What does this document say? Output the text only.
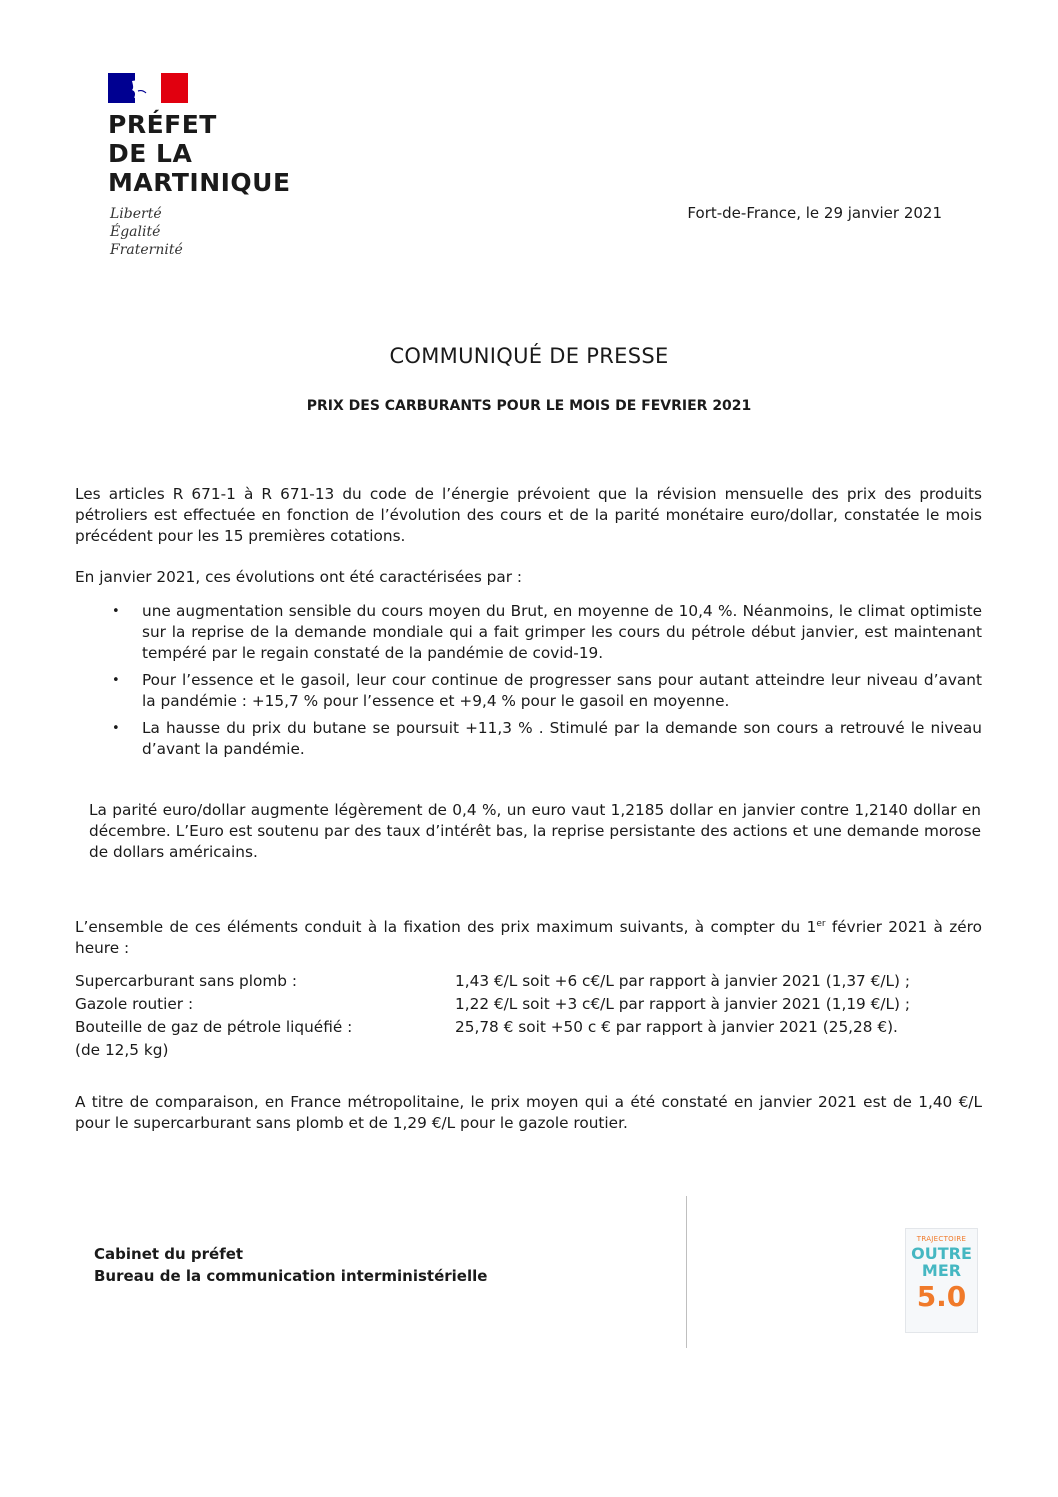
PRÉFET
DE LA
MARTINIQUE
Liberté
Égalité
Fraternité
Fort-de-France, le 29 janvier 2021
COMMUNIQUÉ DE PRESSE
PRIX DES CARBURANTS POUR LE MOIS DE FEVRIER 2021
Les articles R 671-1 à R 671-13 du code de l’énergie prévoient que la révision mensuelle des prix des produits pétroliers est effectuée en fonction de l’évolution des cours et de la parité monétaire euro/dollar, constatée le mois précédent pour les 15 premières cotations.
En janvier 2021, ces évolutions ont été caractérisées par :
• une augmentation sensible du cours moyen du Brut, en moyenne de 10,4 %. Néanmoins, le climat optimiste sur la reprise de la demande mondiale qui a fait grimper les cours du pétrole début janvier, est maintenant tempéré par le regain constaté de la pandémie de covid-19.
• Pour l’essence et le gasoil, leur cour continue de progresser sans pour autant atteindre leur niveau d’avant la pandémie : +15,7 % pour l’essence et +9,4 % pour le gasoil en moyenne.
• La hausse du prix du butane se poursuit +11,3 % . Stimulé par la demande son cours a retrouvé le niveau d’avant la pandémie.
La parité euro/dollar augmente légèrement de 0,4 %, un euro vaut 1,2185 dollar en janvier contre 1,2140 dollar en décembre. L’Euro est soutenu par des taux d’intérêt bas, la reprise persistante des actions et une demande morose de dollars américains.
L’ensemble de ces éléments conduit à la fixation des prix maximum suivants, à compter du 1er février 2021 à zéro heure :
Supercarburant sans plomb :	1,43 €/L soit +6 c€/L par rapport à janvier 2021 (1,37 €/L) ;
Gazole routier :	1,22 €/L soit +3 c€/L par rapport à janvier 2021 (1,19 €/L) ;
Bouteille de gaz de pétrole liquéfié :	25,78 € soit +50 c € par rapport à janvier 2021 (25,28 €).
(de 12,5 kg)	
A titre de comparaison, en France métropolitaine, le prix moyen qui a été constaté en janvier 2021 est de 1,40 €/L pour le supercarburant sans plomb et de 1,29 €/L pour le gazole routier.
Cabinet du préfet
Bureau de la communication interministérielle
TRAJECTOIRE
OUTRE
MER
5.0
